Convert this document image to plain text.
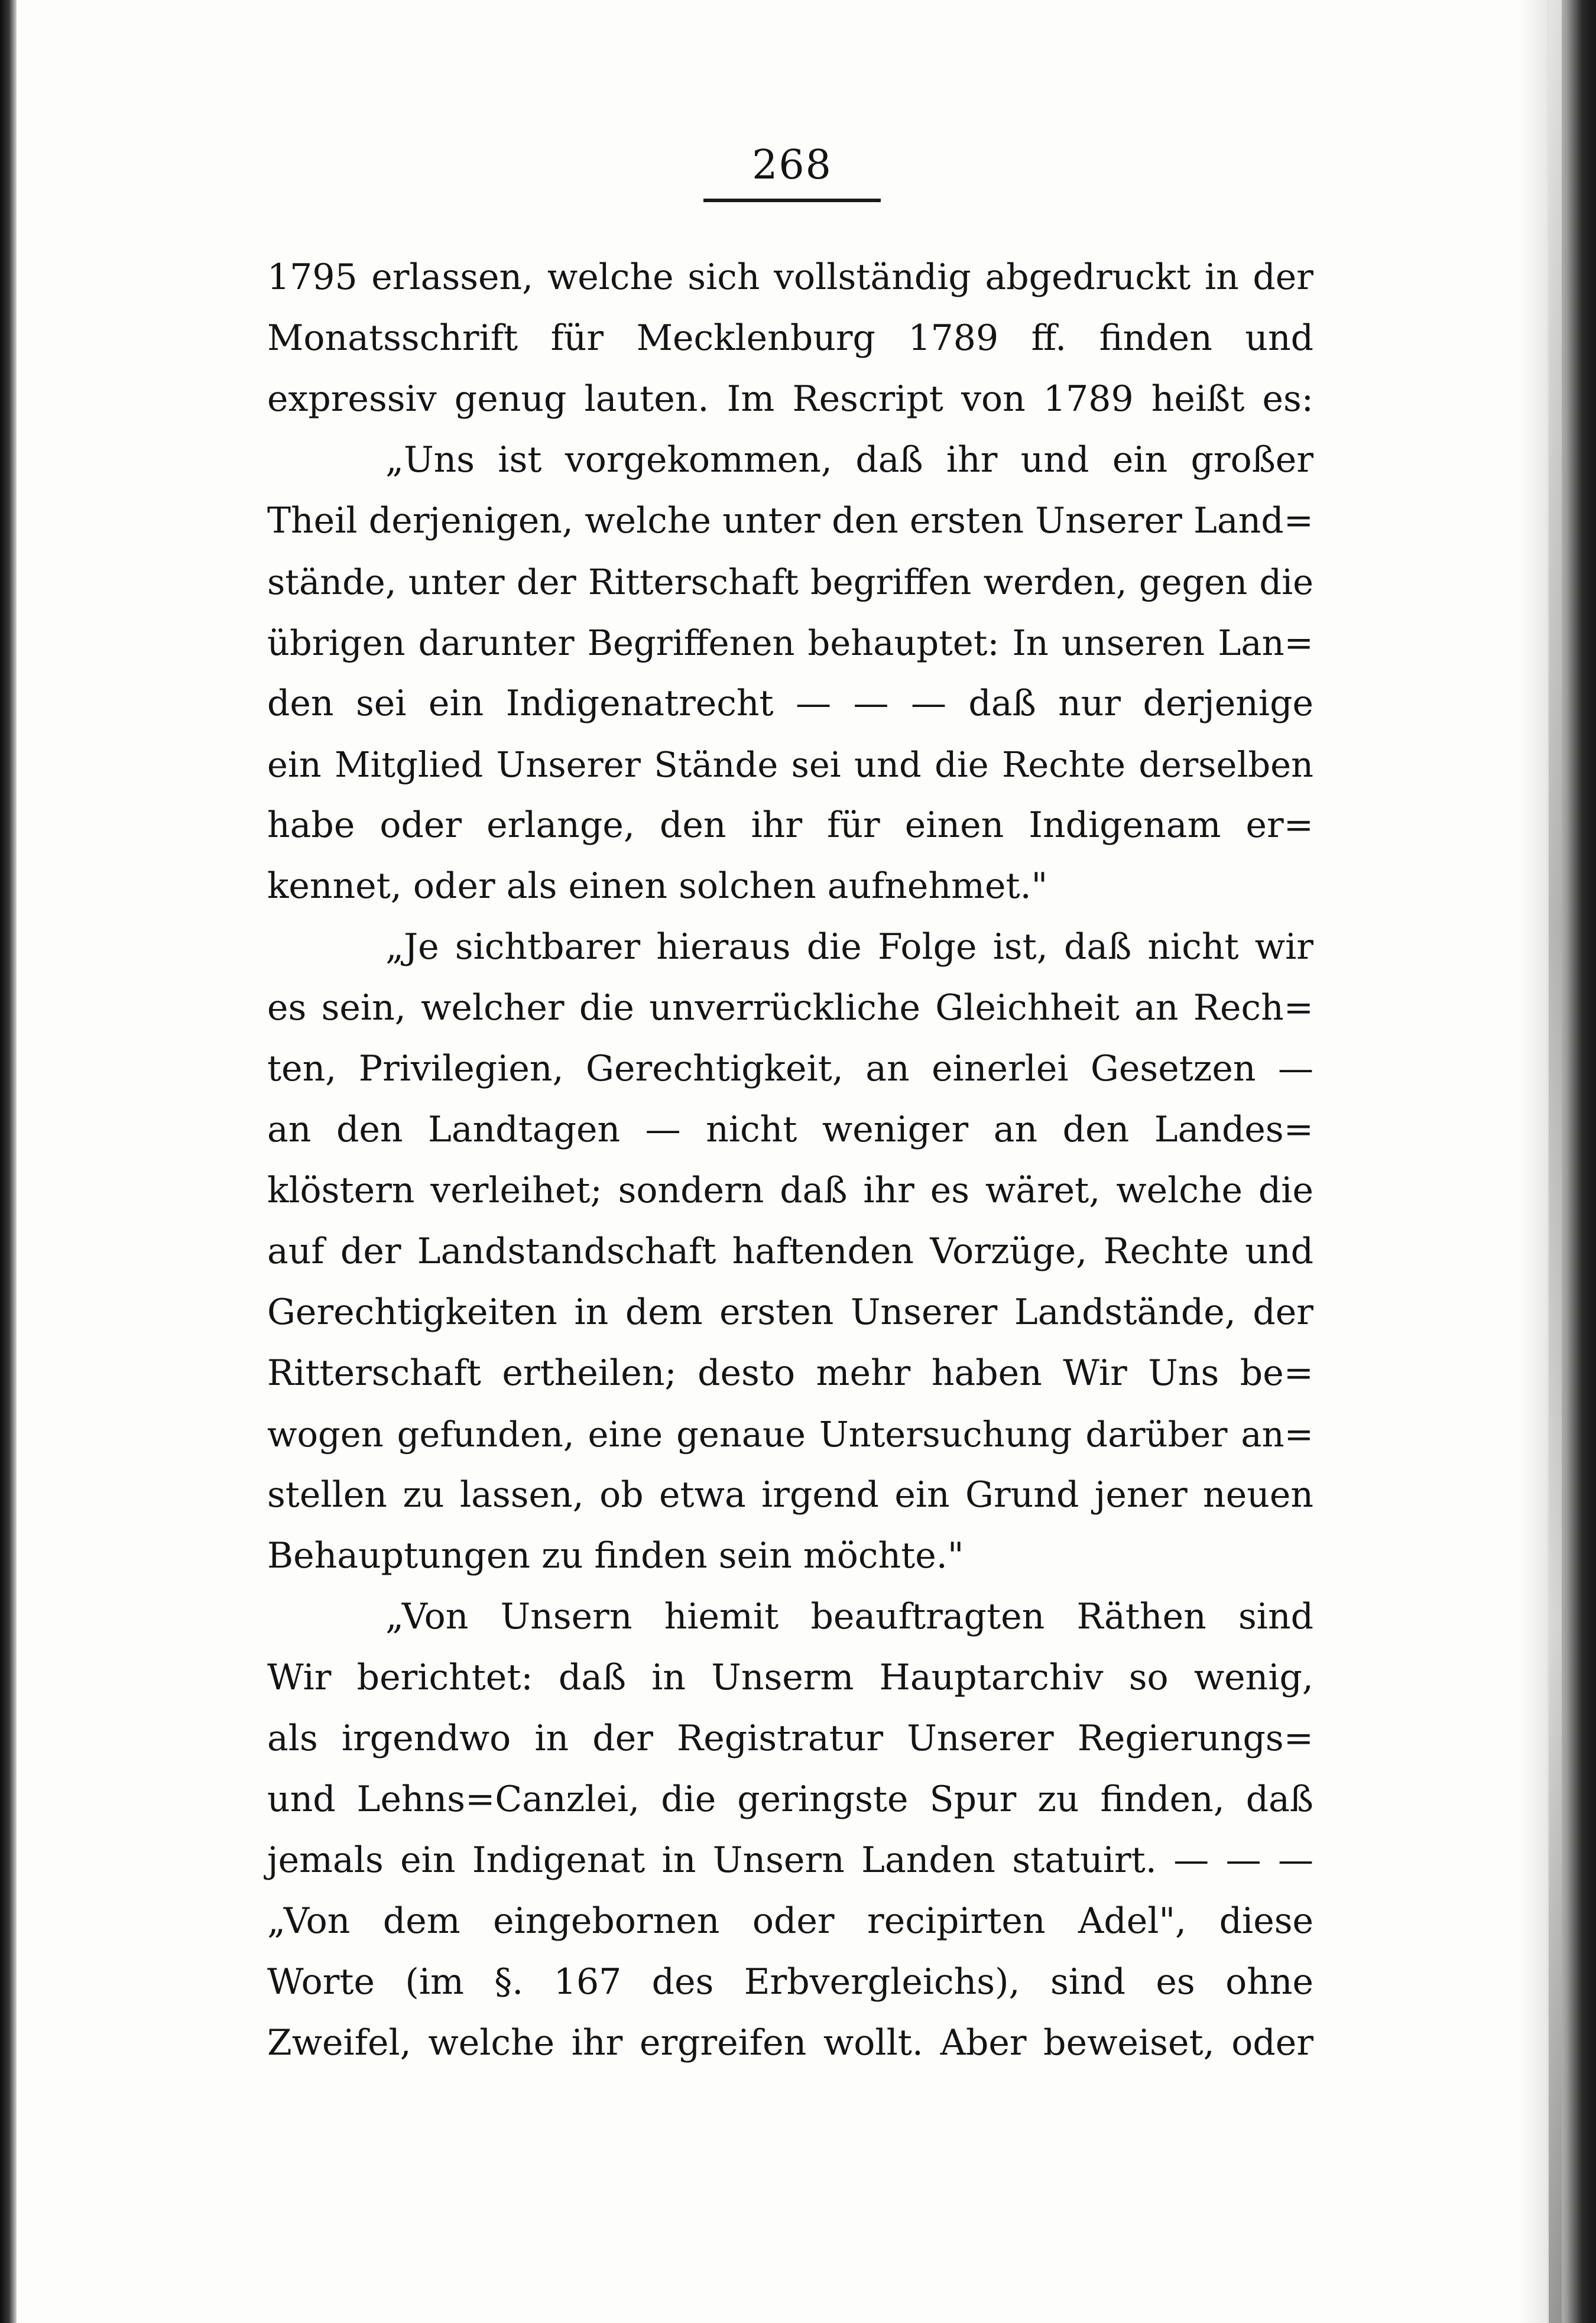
268
1795 erlassen, welche sich vollständig abgedruckt in der
Monatsschrift für Mecklenburg 1789 ff. finden und
expressiv genug lauten. Im Rescript von 1789 heißt es:
„Uns ist vorgekommen, daß ihr und ein großer
Theil derjenigen, welche unter den ersten Unserer Land=
stände, unter der Ritterschaft begriffen werden, gegen die
übrigen darunter Begriffenen behauptet: In unseren Lan=
den sei ein Indigenatrecht — — — daß nur derjenige
ein Mitglied Unserer Stände sei und die Rechte derselben
habe oder erlange, den ihr für einen Indigenam er=
kennet, oder als einen solchen aufnehmet."
„Je sichtbarer hieraus die Folge ist, daß nicht wir
es sein, welcher die unverrückliche Gleichheit an Rech=
ten, Privilegien, Gerechtigkeit, an einerlei Gesetzen —
an den Landtagen — nicht weniger an den Landes=
klöstern verleihet; sondern daß ihr es wäret, welche die
auf der Landstandschaft haftenden Vorzüge, Rechte und
Gerechtigkeiten in dem ersten Unserer Landstände, der
Ritterschaft ertheilen; desto mehr haben Wir Uns be=
wogen gefunden, eine genaue Untersuchung darüber an=
stellen zu lassen, ob etwa irgend ein Grund jener neuen
Behauptungen zu finden sein möchte."
„Von Unsern hiemit beauftragten Räthen sind
Wir berichtet: daß in Unserm Hauptarchiv so wenig,
als irgendwo in der Registratur Unserer Regierungs=
und Lehns=Canzlei, die geringste Spur zu finden, daß
jemals ein Indigenat in Unsern Landen statuirt. — — —
„Von dem eingebornen oder recipirten Adel", diese
Worte (im §. 167 des Erbvergleichs), sind es ohne
Zweifel, welche ihr ergreifen wollt. Aber beweiset, oder
